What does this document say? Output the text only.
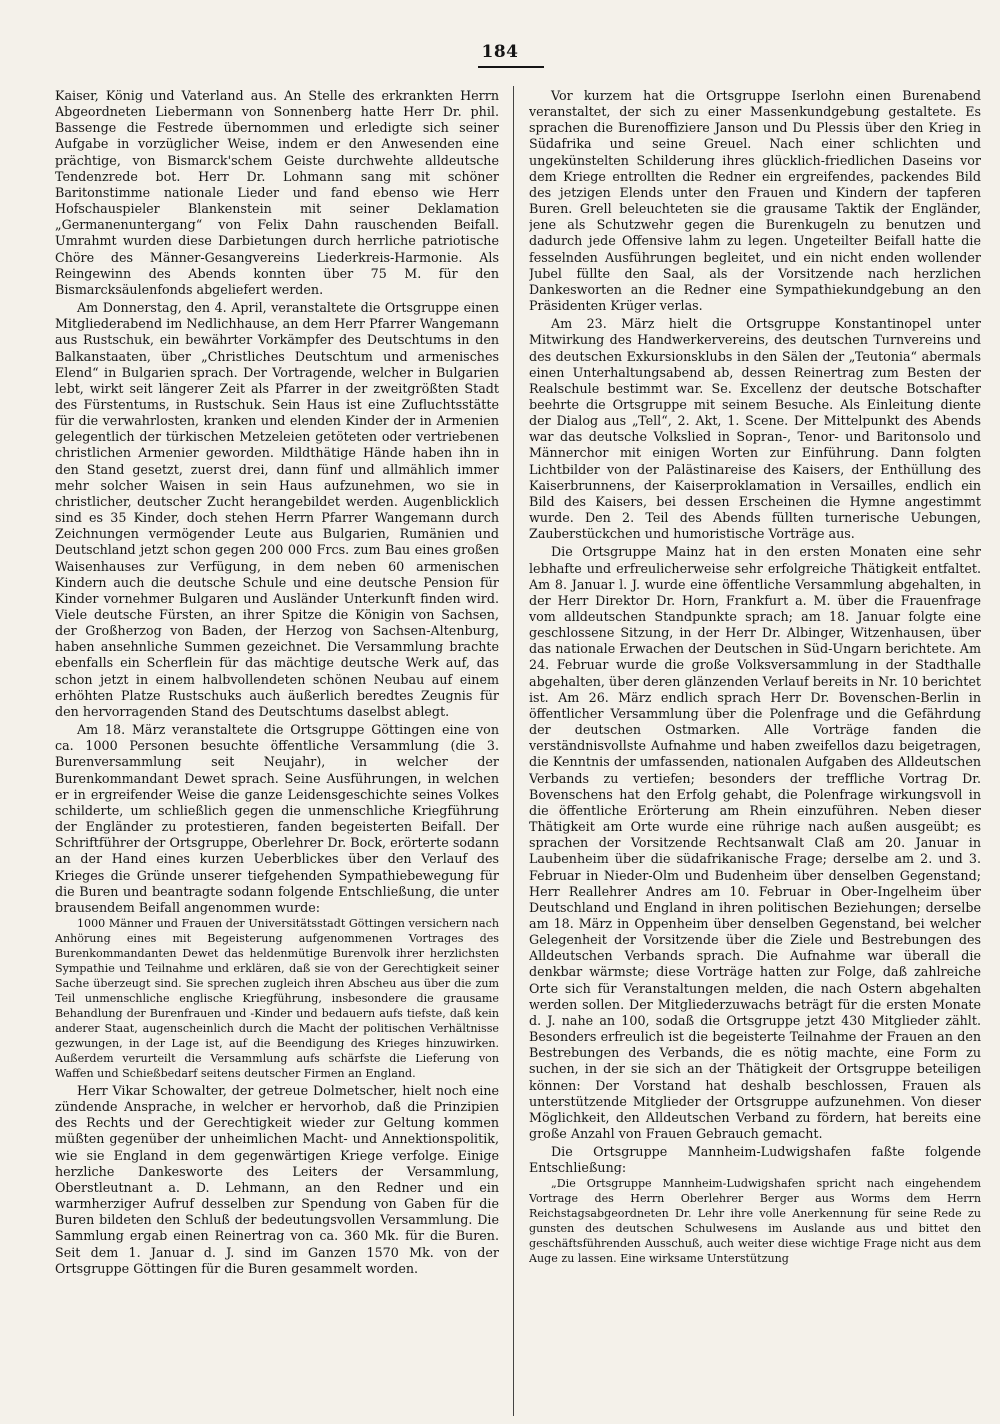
184

Kaiser, König und Vaterland aus. An Stelle des erkrankten Herrn Abgeordneten Liebermann von Sonnenberg hatte Herr Dr. phil. Bassenge die Festrede übernommen und erledigte sich seiner Aufgabe in vorzüglicher Weise, indem er den Anwesenden eine prächtige, von Bismarck'schem Geiste durchwehte alldeutsche Tendenzrede bot. Herr Dr. Lohmann sang mit schöner Baritonstimme nationale Lieder und fand ebenso wie Herr Hofschauspieler Blankenstein mit seiner Deklamation „Germanenuntergang“ von Felix Dahn rauschenden Beifall. Umrahmt wurden diese Darbietungen durch herrliche patriotische Chöre des Männer-Gesangvereins Liederkreis-Harmonie. Als Reingewinn des Abends konnten über 75 M. für den Bismarcksäulenfonds abgeliefert werden.

Am Donnerstag, den 4. April, veranstaltete die Ortsgruppe einen Mitgliederabend im Nedlichhause, an dem Herr Pfarrer Wangemann aus Rustschuk, ein bewährter Vorkämpfer des Deutschtums in den Balkanstaaten, über „Christliches Deutschtum und armenisches Elend“ in Bulgarien sprach. Der Vortragende, welcher in Bulgarien lebt, wirkt seit längerer Zeit als Pfarrer in der zweitgrößten Stadt des Fürstentums, in Rustschuk. Sein Haus ist eine Zufluchtsstätte für die verwahrlosten, kranken und elenden Kinder der in Armenien gelegentlich der türkischen Metzeleien getöteten oder vertriebenen christlichen Armenier geworden. Mildthätige Hände haben ihn in den Stand gesetzt, zuerst drei, dann fünf und allmählich immer mehr solcher Waisen in sein Haus aufzunehmen, wo sie in christlicher, deutscher Zucht herangebildet werden. Augenblicklich sind es 35 Kinder, doch stehen Herrn Pfarrer Wangemann durch Zeichnungen vermögender Leute aus Bulgarien, Rumänien und Deutschland jetzt schon gegen 200 000 Frcs. zum Bau eines großen Waisenhauses zur Verfügung, in dem neben 60 armenischen Kindern auch die deutsche Schule und eine deutsche Pension für Kinder vornehmer Bulgaren und Ausländer Unterkunft finden wird. Viele deutsche Fürsten, an ihrer Spitze die Königin von Sachsen, der Großherzog von Baden, der Herzog von Sachsen-Altenburg, haben ansehnliche Summen gezeichnet. Die Versammlung brachte ebenfalls ein Scherflein für das mächtige deutsche Werk auf, das schon jetzt in einem halbvollendeten schönen Neubau auf einem erhöhten Platze Rustschuks auch äußerlich beredtes Zeugnis für den hervorragenden Stand des Deutschtums daselbst ablegt.

Am 18. März veranstaltete die Ortsgruppe Göttingen eine von ca. 1000 Personen besuchte öffentliche Versammlung (die 3. Burenversammlung seit Neujahr), in welcher der Burenkommandant Dewet sprach. Seine Ausführungen, in welchen er in ergreifender Weise die ganze Leidensgeschichte seines Volkes schilderte, um schließlich gegen die unmenschliche Kriegführung der Engländer zu protestieren, fanden begeisterten Beifall. Der Schriftführer der Ortsgruppe, Oberlehrer Dr. Bock, erörterte sodann an der Hand eines kurzen Ueberblickes über den Verlauf des Krieges die Gründe unserer tiefgehenden Sympathiebewegung für die Buren und beantragte sodann folgende Entschließung, die unter brausendem Beifall angenommen wurde:

1000 Männer und Frauen der Universitätsstadt Göttingen versichern nach Anhörung eines mit Begeisterung aufgenommenen Vortrages des Burenkommandanten Dewet das heldenmütige Burenvolk ihrer herzlichsten Sympathie und Teilnahme und erklären, daß sie von der Gerechtigkeit seiner Sache überzeugt sind. Sie sprechen zugleich ihren Abscheu aus über die zum Teil unmenschliche englische Kriegführung, insbesondere die grausame Behandlung der Burenfrauen und -Kinder und bedauern aufs tiefste, daß kein anderer Staat, augenscheinlich durch die Macht der politischen Verhältnisse gezwungen, in der Lage ist, auf die Beendigung des Krieges hinzuwirken. Außerdem verurteilt die Versammlung aufs schärfste die Lieferung von Waffen und Schießbedarf seitens deutscher Firmen an England.

Herr Vikar Schowalter, der getreue Dolmetscher, hielt noch eine zündende Ansprache, in welcher er hervorhob, daß die Prinzipien des Rechts und der Gerechtigkeit wieder zur Geltung kommen müßten gegenüber der unheimlichen Macht- und Annektionspolitik, wie sie England in dem gegenwärtigen Kriege verfolge. Einige herzliche Dankesworte des Leiters der Versammlung, Oberstleutnant a. D. Lehmann, an den Redner und ein warmherziger Aufruf desselben zur Spendung von Gaben für die Buren bildeten den Schluß der bedeutungsvollen Versammlung. Die Sammlung ergab einen Reinertrag von ca. 360 Mk. für die Buren. Seit dem 1. Januar d. J. sind im Ganzen 1570 Mk. von der Ortsgruppe Göttingen für die Buren gesammelt worden.

Vor kurzem hat die Ortsgruppe Iserlohn einen Burenabend veranstaltet, der sich zu einer Massenkundgebung gestaltete. Es sprachen die Burenoffiziere Janson und Du Plessis über den Krieg in Südafrika und seine Greuel. Nach einer schlichten und ungekünstelten Schilderung ihres glücklich-friedlichen Daseins vor dem Kriege entrollten die Redner ein ergreifendes, packendes Bild des jetzigen Elends unter den Frauen und Kindern der tapferen Buren. Grell beleuchteten sie die grausame Taktik der Engländer, jene als Schutzwehr gegen die Burenkugeln zu benutzen und dadurch jede Offensive lahm zu legen. Ungeteilter Beifall hatte die fesselnden Ausführungen begleitet, und ein nicht enden wollender Jubel füllte den Saal, als der Vorsitzende nach herzlichen Dankesworten an die Redner eine Sympathiekundgebung an den Präsidenten Krüger verlas.

Am 23. März hielt die Ortsgruppe Konstantinopel unter Mitwirkung des Handwerkervereins, des deutschen Turnvereins und des deutschen Exkursionsklubs in den Sälen der „Teutonia“ abermals einen Unterhaltungsabend ab, dessen Reinertrag zum Besten der Realschule bestimmt war. Se. Excellenz der deutsche Botschafter beehrte die Ortsgruppe mit seinem Besuche. Als Einleitung diente der Dialog aus „Tell“, 2. Akt, 1. Scene. Der Mittelpunkt des Abends war das deutsche Volkslied in Sopran-, Tenor- und Baritonsolo und Männerchor mit einigen Worten zur Einführung. Dann folgten Lichtbilder von der Palästinareise des Kaisers, der Enthüllung des Kaiserbrunnens, der Kaiserproklamation in Versailles, endlich ein Bild des Kaisers, bei dessen Erscheinen die Hymne angestimmt wurde. Den 2. Teil des Abends füllten turnerische Uebungen, Zauberstückchen und humoristische Vorträge aus.

Die Ortsgruppe Mainz hat in den ersten Monaten eine sehr lebhafte und erfreulicherweise sehr erfolgreiche Thätigkeit entfaltet. Am 8. Januar l. J. wurde eine öffentliche Versammlung abgehalten, in der Herr Direktor Dr. Horn, Frankfurt a. M. über die Frauenfrage vom alldeutschen Standpunkte sprach; am 18. Januar folgte eine geschlossene Sitzung, in der Herr Dr. Albinger, Witzenhausen, über das nationale Erwachen der Deutschen in Süd-Ungarn berichtete. Am 24. Februar wurde die große Volksversammlung in der Stadthalle abgehalten, über deren glänzenden Verlauf bereits in Nr. 10 berichtet ist. Am 26. März endlich sprach Herr Dr. Bovenschen-Berlin in öffentlicher Versammlung über die Polenfrage und die Gefährdung der deutschen Ostmarken. Alle Vorträge fanden die verständnisvollste Aufnahme und haben zweifellos dazu beigetragen, die Kenntnis der umfassenden, nationalen Aufgaben des Alldeutschen Verbands zu vertiefen; besonders der treffliche Vortrag Dr. Bovenschens hat den Erfolg gehabt, die Polenfrage wirkungsvoll in die öffentliche Erörterung am Rhein einzuführen. Neben dieser Thätigkeit am Orte wurde eine rührige nach außen ausgeübt; es sprachen der Vorsitzende Rechtsanwalt Claß am 20. Januar in Laubenheim über die südafrikanische Frage; derselbe am 2. und 3. Februar in Nieder-Olm und Budenheim über denselben Gegenstand; Herr Reallehrer Andres am 10. Februar in Ober-Ingelheim über Deutschland und England in ihren politischen Beziehungen; derselbe am 18. März in Oppenheim über denselben Gegenstand, bei welcher Gelegenheit der Vorsitzende über die Ziele und Bestrebungen des Alldeutschen Verbands sprach. Die Aufnahme war überall die denkbar wärmste; diese Vorträge hatten zur Folge, daß zahlreiche Orte sich für Veranstaltungen melden, die nach Ostern abgehalten werden sollen. Der Mitgliederzuwachs beträgt für die ersten Monate d. J. nahe an 100, sodaß die Ortsgruppe jetzt 430 Mitglieder zählt. Besonders erfreulich ist die begeisterte Teilnahme der Frauen an den Bestrebungen des Verbands, die es nötig machte, eine Form zu suchen, in der sie sich an der Thätigkeit der Ortsgruppe beteiligen können: Der Vorstand hat deshalb beschlossen, Frauen als unterstützende Mitglieder der Ortsgruppe aufzunehmen. Von dieser Möglichkeit, den Alldeutschen Verband zu fördern, hat bereits eine große Anzahl von Frauen Gebrauch gemacht.

Die Ortsgruppe Mannheim-Ludwigshafen faßte folgende Entschließung:

„Die Ortsgruppe Mannheim-Ludwigshafen spricht nach eingehendem Vortrage des Herrn Oberlehrer Berger aus Worms dem Herrn Reichstagsabgeordneten Dr. Lehr ihre volle Anerkennung für seine Rede zu gunsten des deutschen Schulwesens im Auslande aus und bittet den geschäftsführenden Ausschuß, auch weiter diese wichtige Frage nicht aus dem Auge zu lassen. Eine wirksame Unterstützung
